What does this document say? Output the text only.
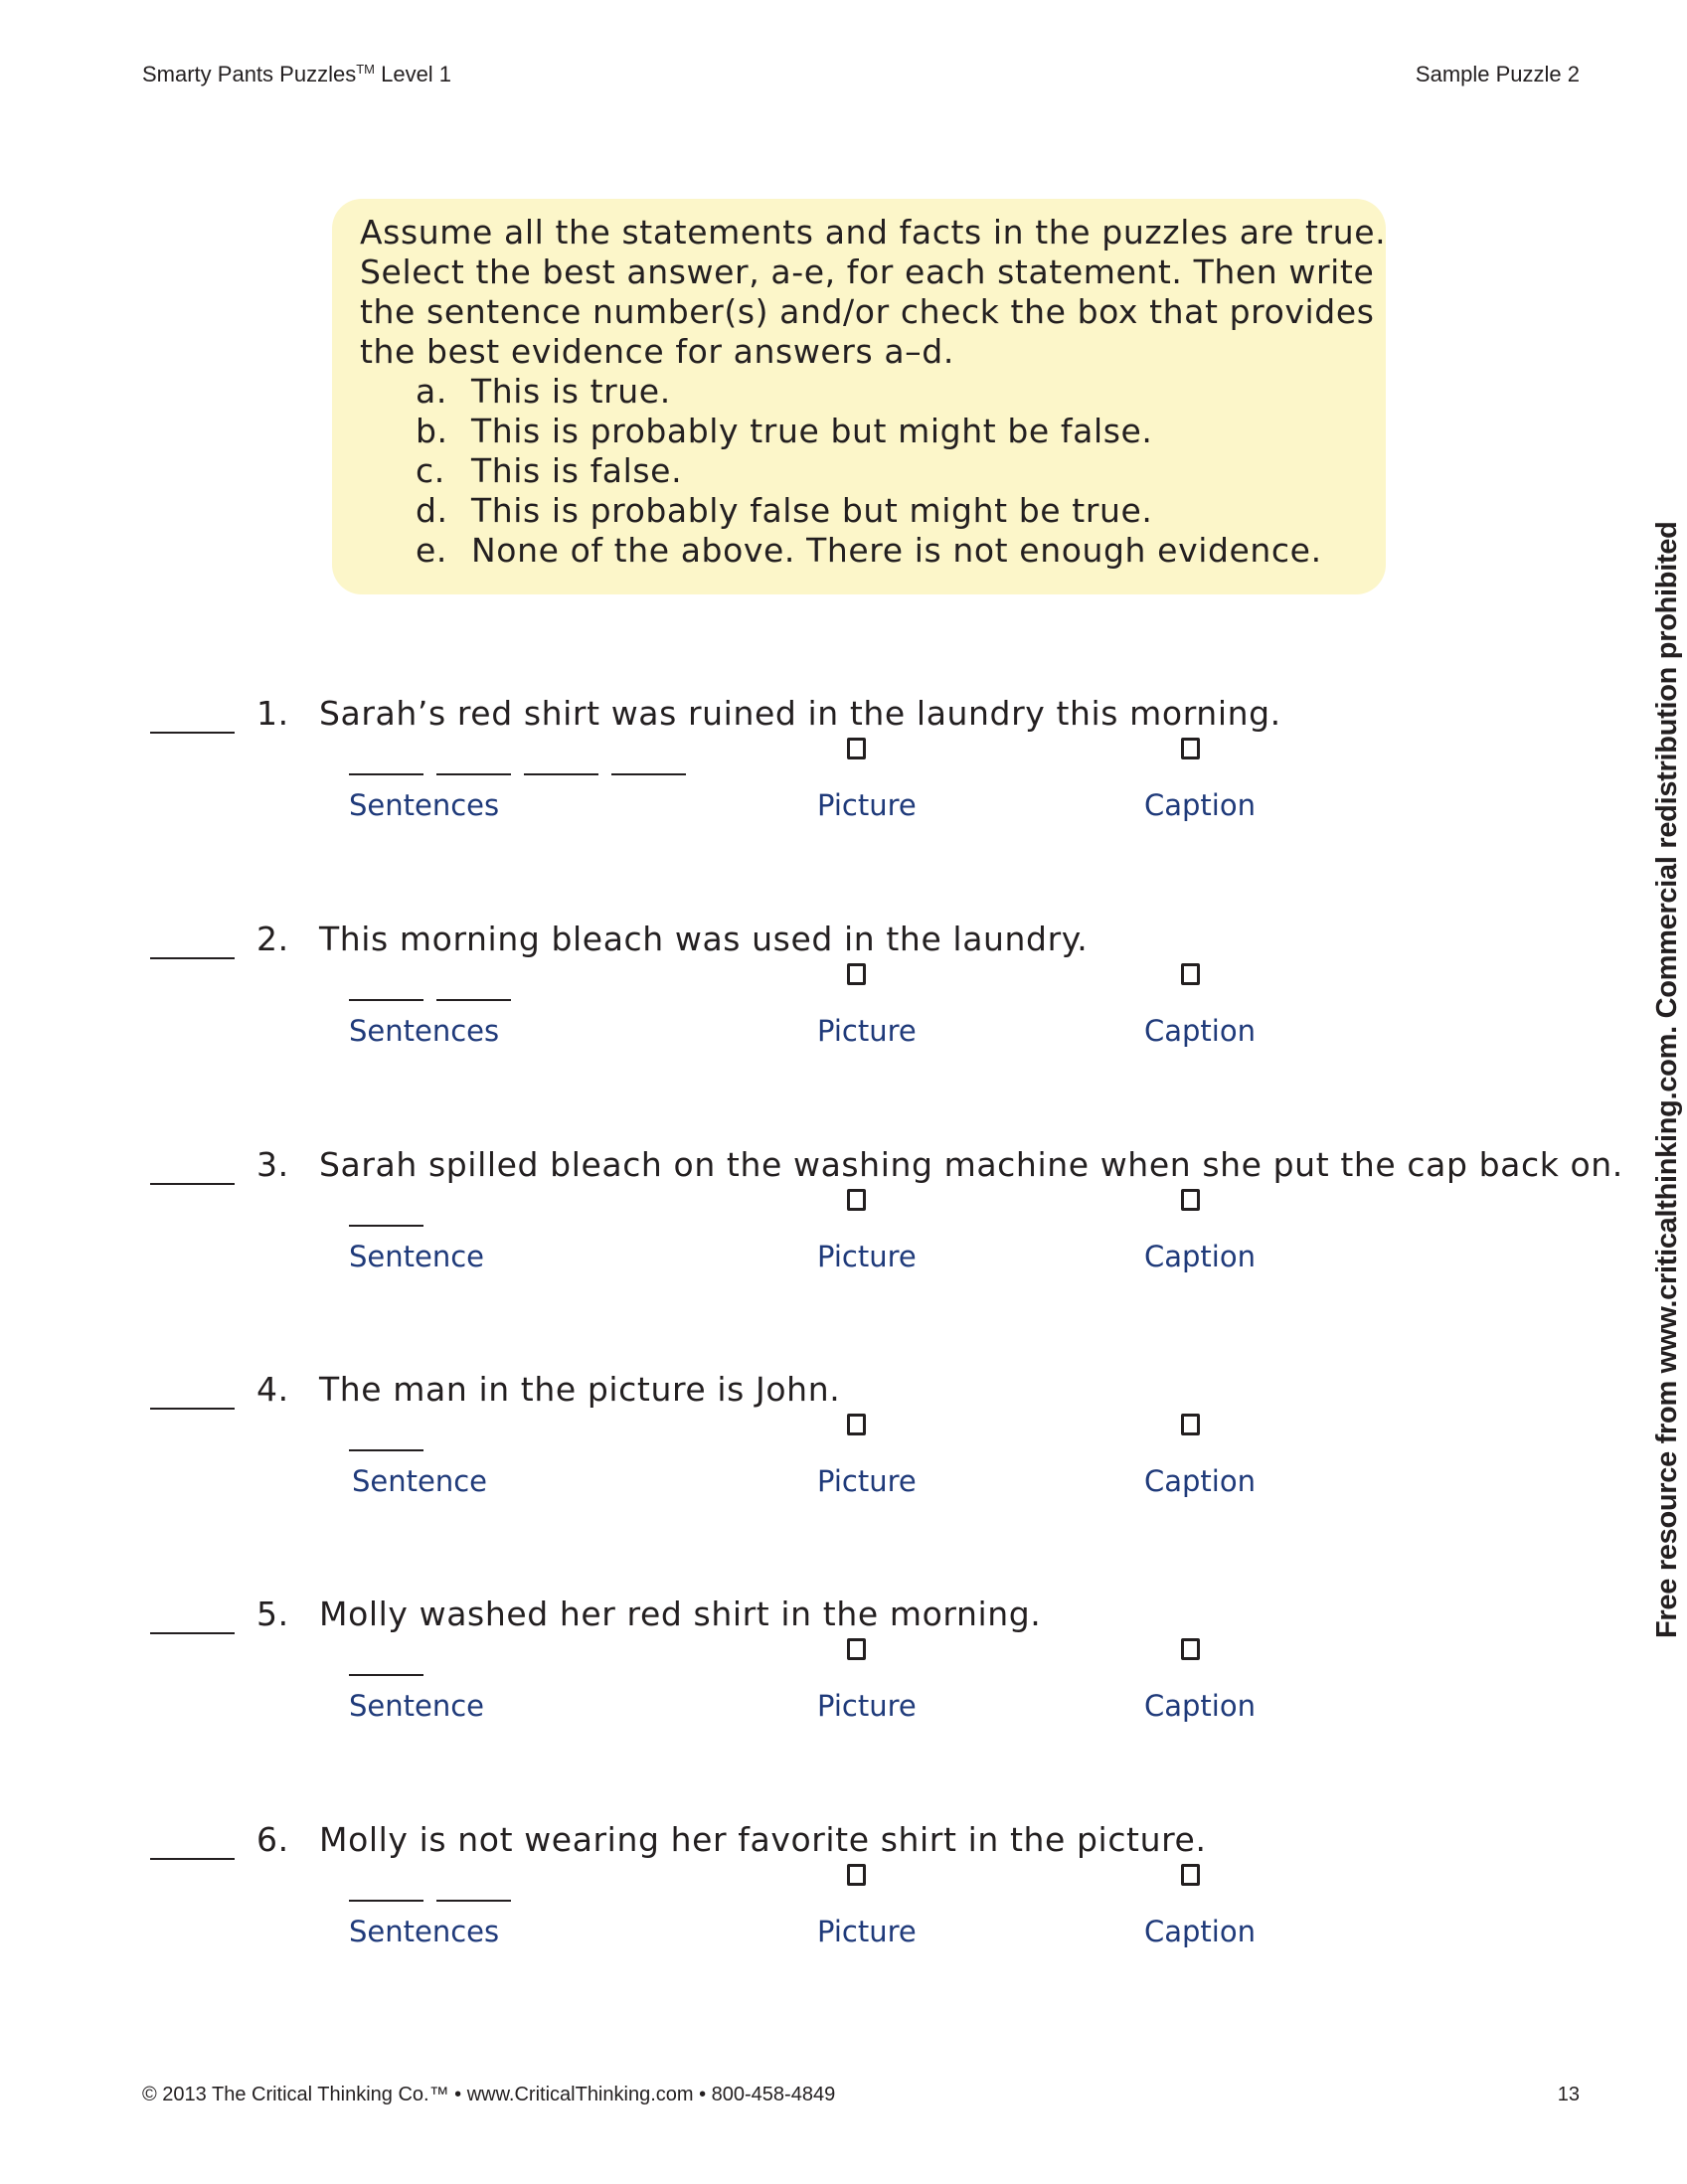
Smarty Pants Puzzles™ Level 1	Sample Puzzle 2
Assume all the statements and facts in the puzzles are true.
Select the best answer, a-e, for each statement. Then write
the sentence number(s) and/or check the box that provides
the best evidence for answers a–d.
a. This is true.
b. This is probably true but might be false.
c. This is false.
d. This is probably false but might be true.
e. None of the above. There is not enough evidence.
1. Sarah’s red shirt was ruined in the laundry this morning.
Sentences	Picture	Caption
2. This morning bleach was used in the laundry.
Sentences	Picture	Caption
3. Sarah spilled bleach on the washing machine when she put the cap back on.
Sentence	Picture	Caption
4. The man in the picture is John.
Sentence	Picture	Caption
5. Molly washed her red shirt in the morning.
Sentence	Picture	Caption
6. Molly is not wearing her favorite shirt in the picture.
Sentences	Picture	Caption
Free resource from www.criticalthinking.com. Commercial redistribution prohibited
© 2013 The Critical Thinking Co.™ • www.CriticalThinking.com • 800-458-4849	13
